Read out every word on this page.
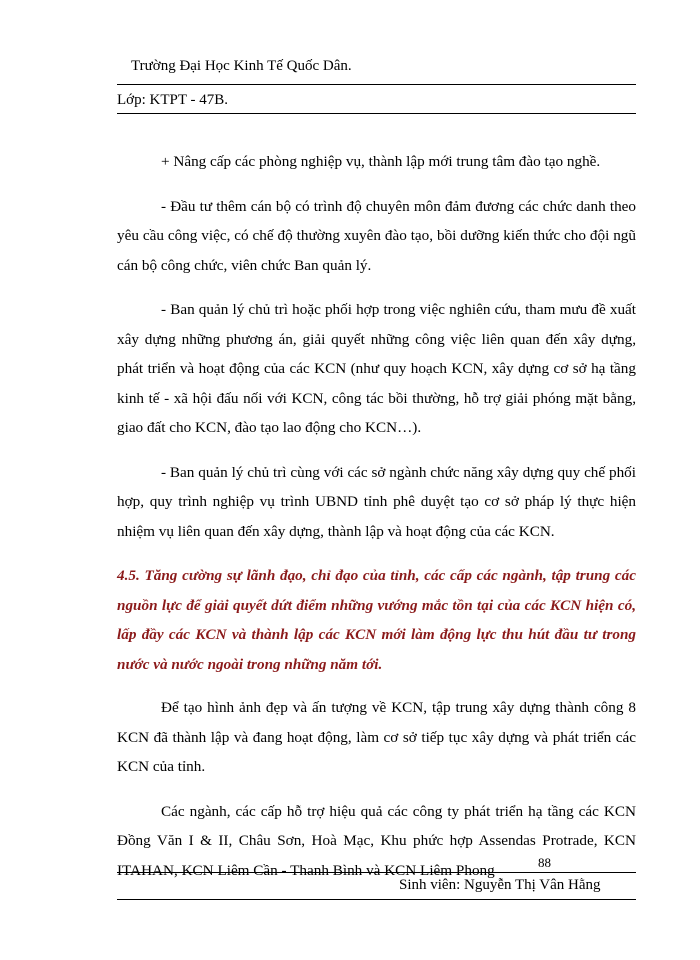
Trường Đại Học Kinh Tế Quốc Dân.
Lớp: KTPT - 47B.

+ Nâng cấp các phòng nghiệp vụ, thành lập mới trung tâm đào tạo nghề.

- Đầu tư thêm cán bộ có trình độ chuyên môn đảm đương các chức danh theo yêu cầu công việc, có chế độ thường xuyên đào tạo, bồi dưỡng kiến thức cho đội ngũ cán bộ công chức, viên chức Ban quản lý.

- Ban quản lý chủ trì hoặc phối hợp trong việc nghiên cứu, tham mưu đề xuất xây dựng những phương án, giải quyết những công việc liên quan đến xây dựng, phát triển và hoạt động của các KCN (như quy hoạch KCN, xây dựng cơ sở hạ tầng kinh tế - xã hội đấu nối với KCN, công tác bồi thường, hỗ trợ giải phóng mặt bằng, giao đất cho KCN, đào tạo lao động cho KCN…).

- Ban quản lý chủ trì cùng với các sở ngành chức năng xây dựng quy chế phối hợp, quy trình nghiệp vụ trình UBND tỉnh phê duyệt tạo cơ sở pháp lý thực hiện nhiệm vụ liên quan đến xây dựng, thành lập và hoạt động của các KCN.

4.5. Tăng cường sự lãnh đạo, chỉ đạo của tỉnh, các cấp các ngành, tập trung các nguồn lực để giải quyết dứt điểm những vướng mắc tồn tại của các KCN hiện có, lấp đầy các KCN và thành lập các KCN mới làm động lực thu hút đầu tư trong nước và nước ngoài trong những năm tới.

Để tạo hình ảnh đẹp và ấn tượng về KCN, tập trung xây dựng thành công 8 KCN đã thành lập và đang hoạt động, làm cơ sở tiếp tục xây dựng và phát triển các KCN của tỉnh.

Các ngành, các cấp hỗ trợ hiệu quả các công ty phát triển hạ tầng các KCN Đồng Văn I & II, Châu Sơn, Hoà Mạc, Khu phức hợp Assendas Protrade, KCN ITAHAN, KCN Liêm Cần - Thanh Bình và KCN Liêm Phong	88
Sinh viên: Nguyễn Thị Vân Hằng
